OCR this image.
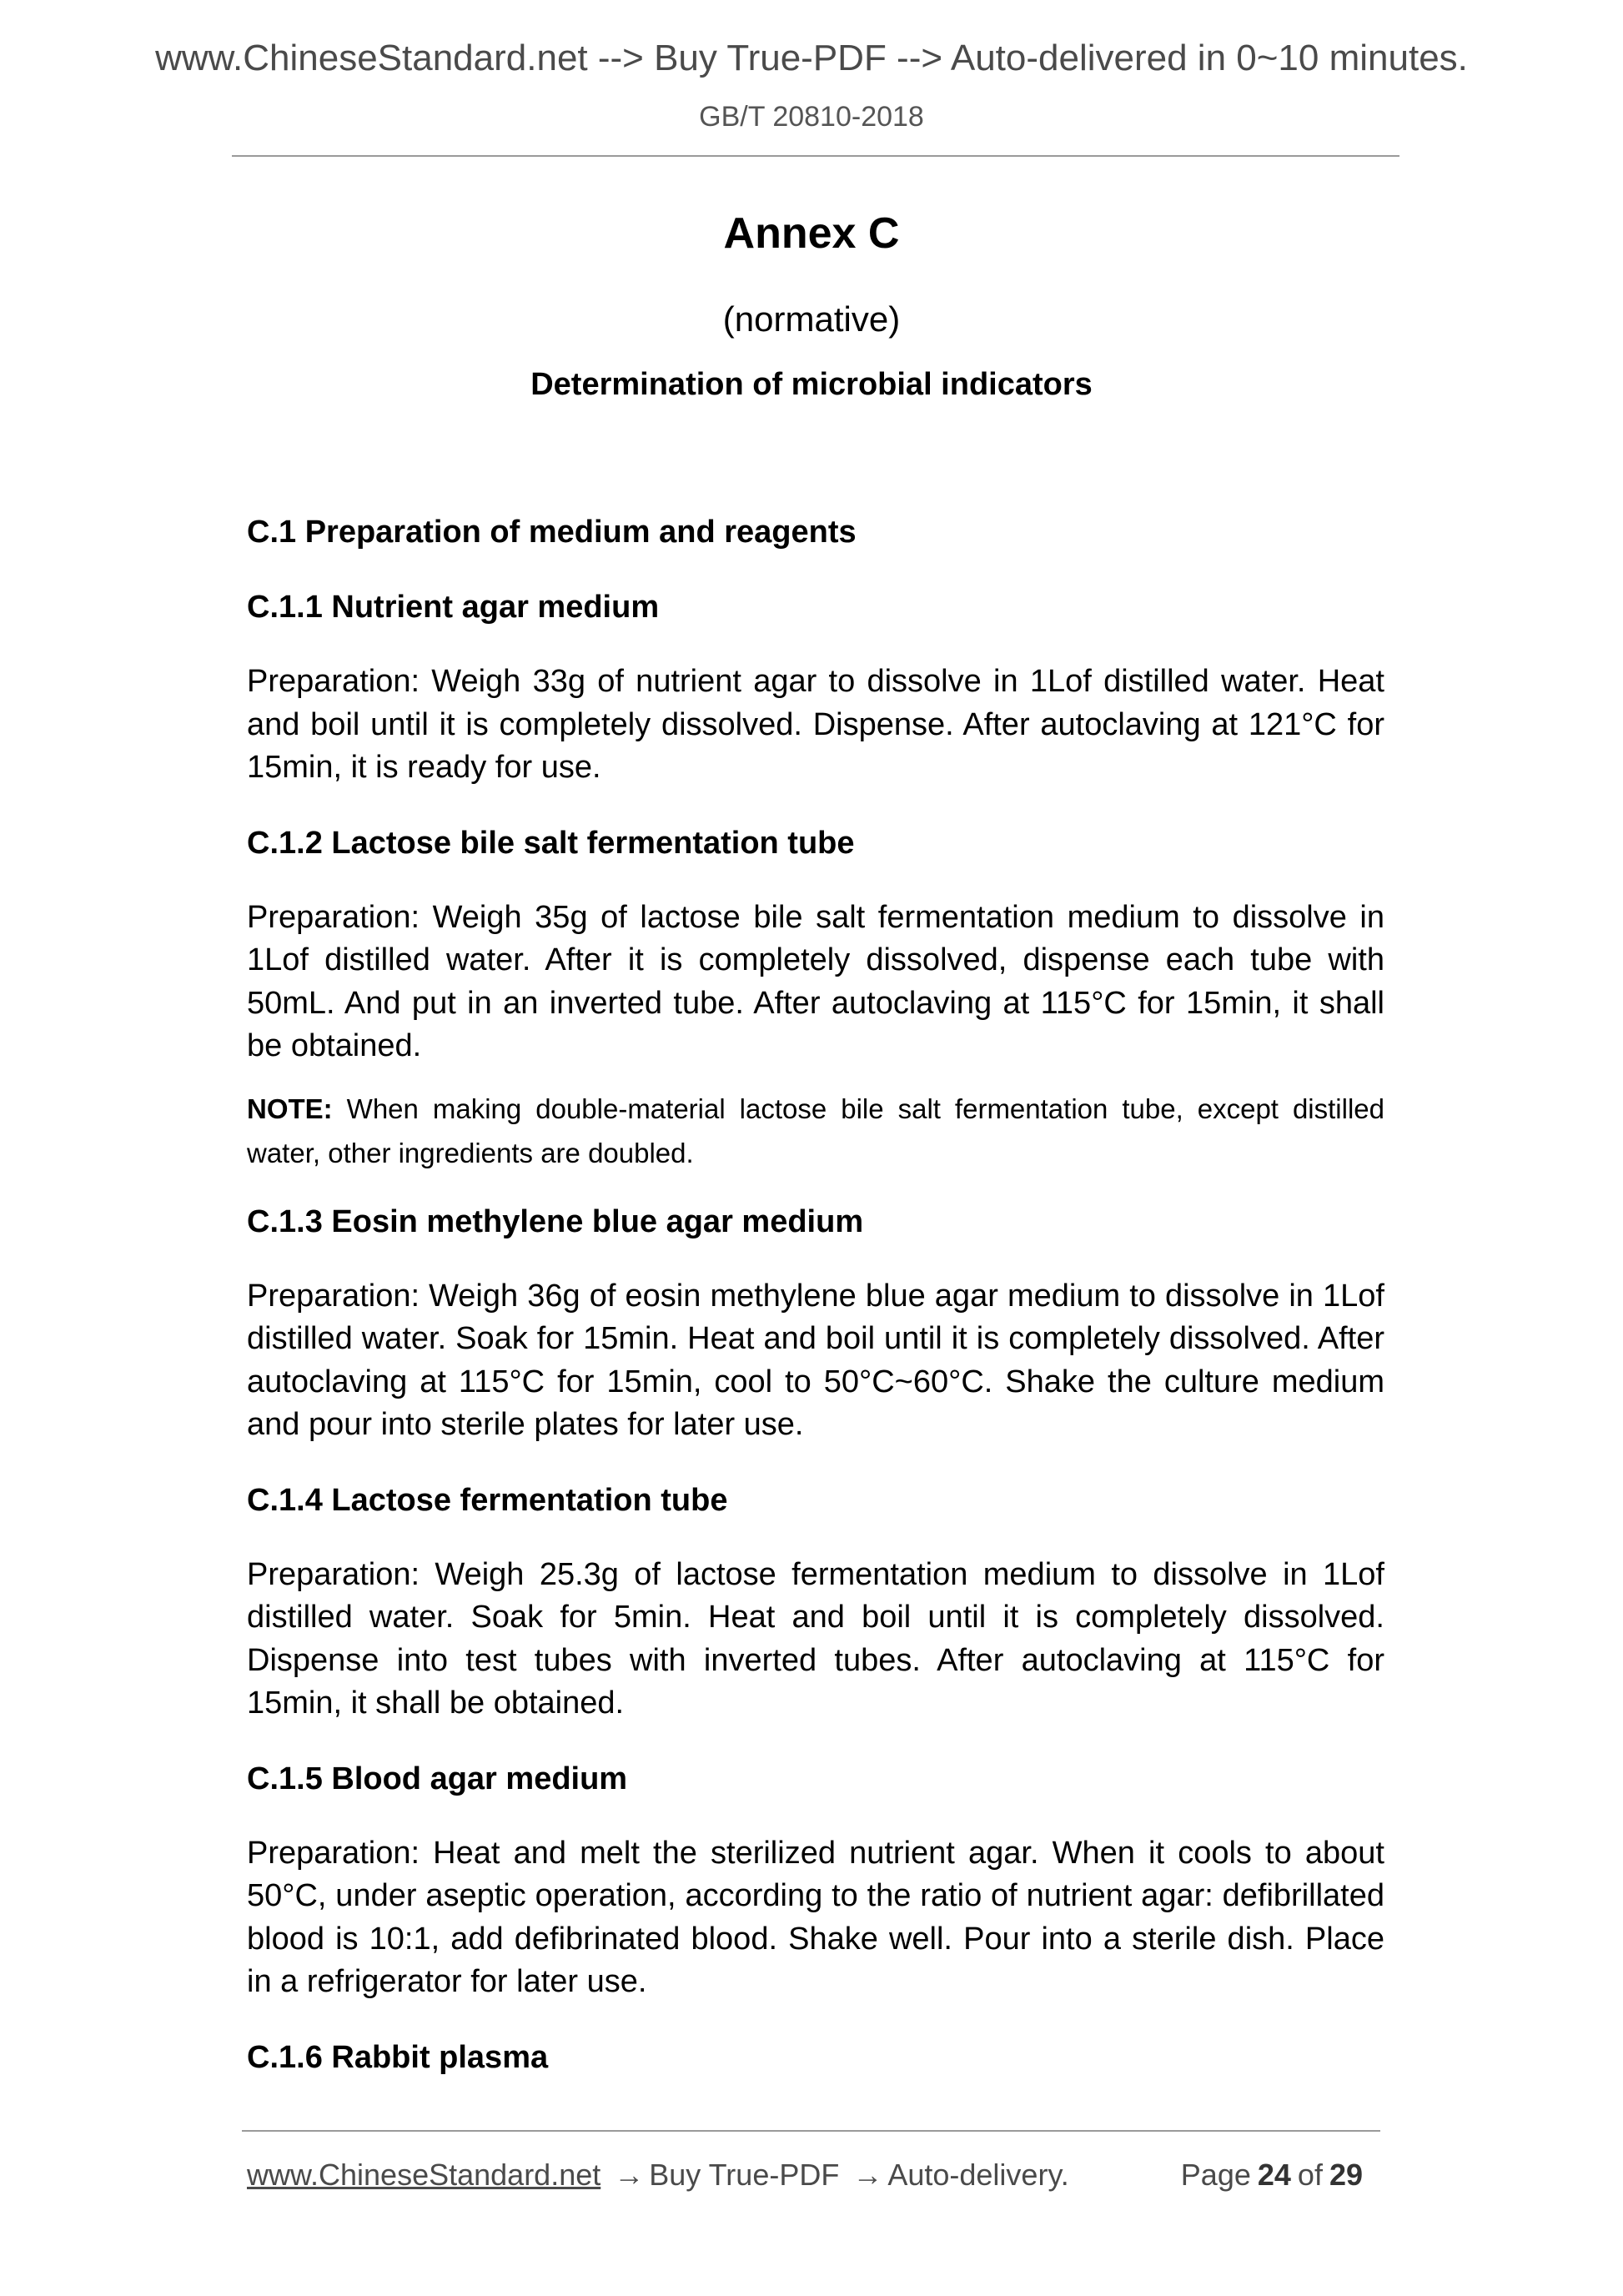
www.ChineseStandard.net --> Buy True-PDF --> Auto-delivered in 0~10 minutes.
GB/T 20810-2018
Annex C
(normative)
Determination of microbial indicators

C.1 Preparation of medium and reagents

C.1.1 Nutrient agar medium

Preparation: Weigh 33g of nutrient agar to dissolve in 1Lof distilled water. Heat and boil until it is completely dissolved. Dispense. After autoclaving at 121°C for 15min, it is ready for use.

C.1.2 Lactose bile salt fermentation tube

Preparation: Weigh 35g of lactose bile salt fermentation medium to dissolve in 1Lof distilled water. After it is completely dissolved, dispense each tube with 50mL. And put in an inverted tube. After autoclaving at 115°C for 15min, it shall be obtained.

NOTE: When making double-material lactose bile salt fermentation tube, except distilled water, other ingredients are doubled.

C.1.3 Eosin methylene blue agar medium

Preparation: Weigh 36g of eosin methylene blue agar medium to dissolve in 1Lof distilled water. Soak for 15min. Heat and boil until it is completely dissolved. After autoclaving at 115°C for 15min, cool to 50°C~60°C. Shake the culture medium and pour into sterile plates for later use.

C.1.4 Lactose fermentation tube

Preparation: Weigh 25.3g of lactose fermentation medium to dissolve in 1Lof distilled water. Soak for 5min. Heat and boil until it is completely dissolved. Dispense into test tubes with inverted tubes. After autoclaving at 115°C for 15min, it shall be obtained.

C.1.5 Blood agar medium

Preparation: Heat and melt the sterilized nutrient agar. When it cools to about 50°C, under aseptic operation, according to the ratio of nutrient agar: defibrillated blood is 10:1, add defibrinated blood. Shake well. Pour into a sterile dish. Place in a refrigerator for later use.

C.1.6 Rabbit plasma

www.ChineseStandard.net → Buy True-PDF → Auto-delivery.	Page 24 of 29
